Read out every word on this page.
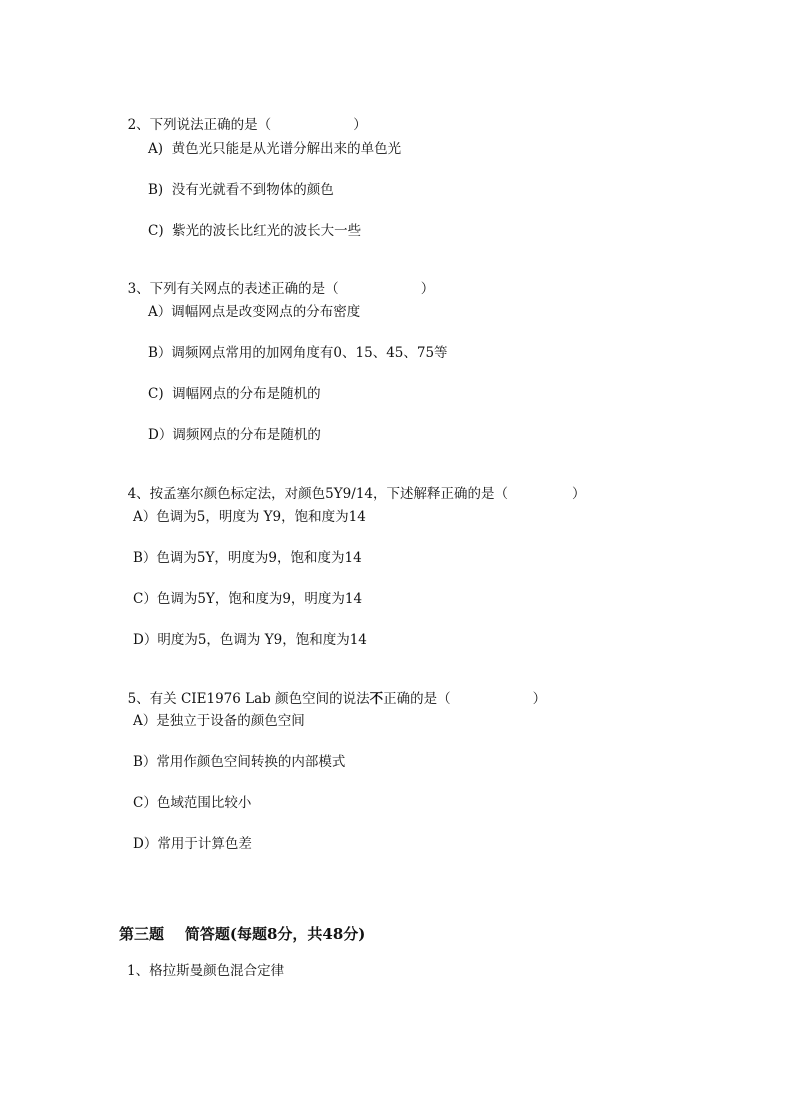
2、下列说法正确的是（	）

A)  黄色光只能是从光谱分解出来的单色光
B)  没有光就看不到物体的颜色
C)  紫光的波长比红光的波长大一些

3、下列有关网点的表述正确的是（	）

A）调幅网点是改变网点的分布密度
B）调频网点常用的加网角度有0、15、45、75等
C)  调幅网点的分布是随机的
D）调频网点的分布是随机的

4、按孟塞尔颜色标定法，对颜色5Y9/14，下述解释正确的是（	）

A）色调为5，明度为 Y9，饱和度为14
B）色调为5Y，明度为9，饱和度为14
C）色调为5Y，饱和度为9，明度为14
D）明度为5，色调为 Y9，饱和度为14

5、有关 CIE1976 Lab 颜色空间的说法不正确的是（	）

A）是独立于设备的颜色空间
B）常用作颜色空间转换的内部模式
C）色域范围比较小
D）常用于计算色差
第三题    简答题(每题8分，共48分)
1、格拉斯曼颜色混合定律
